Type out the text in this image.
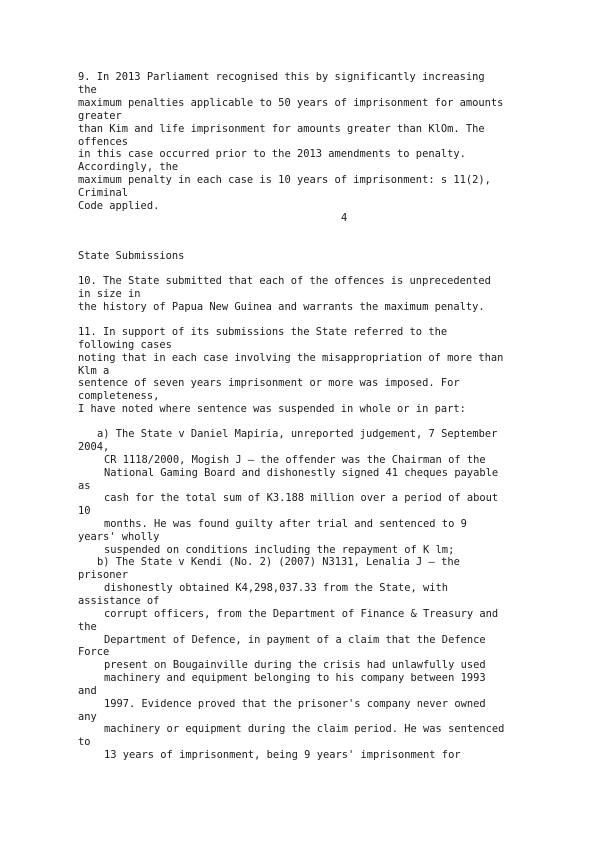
9. In 2013 Parliament recognised this by significantly increasing
the
maximum penalties applicable to 50 years of imprisonment for amounts
greater
than Kim and life imprisonment for amounts greater than KlOm. The
offences
in this case occurred prior to the 2013 amendments to penalty.
Accordingly, the
maximum penalty in each case is 10 years of imprisonment: s 11(2),
Criminal
Code applied.
4
State Submissions
10. The State submitted that each of the offences is unprecedented
in size in
the history of Papua New Guinea and warrants the maximum penalty.
11. In support of its submissions the State referred to the
following cases
noting that in each case involving the misappropriation of more than
Klm a
sentence of seven years imprisonment or more was imposed. For
completeness,
I have noted where sentence was suspended in whole or in part:
a) The State v Daniel Mapiria, unreported judgement, 7 September
2004,
CR 1118/2000, Mogish J – the offender was the Chairman of the
National Gaming Board and dishonestly signed 41 cheques payable
as
cash for the total sum of K3.188 million over a period of about
10
months. He was found guilty after trial and sentenced to 9
years' wholly
suspended on conditions including the repayment of K lm;
b) The State v Kendi (No. 2) (2007) N3131, Lenalia J – the
prisoner
dishonestly obtained K4,298,037.33 from the State, with
assistance of
corrupt officers, from the Department of Finance & Treasury and
the
Department of Defence, in payment of a claim that the Defence
Force
present on Bougainville during the crisis had unlawfully used
machinery and equipment belonging to his company between 1993
and
1997. Evidence proved that the prisoner's company never owned
any
machinery or equipment during the claim period. He was sentenced
to
13 years of imprisonment, being 9 years' imprisonment for
